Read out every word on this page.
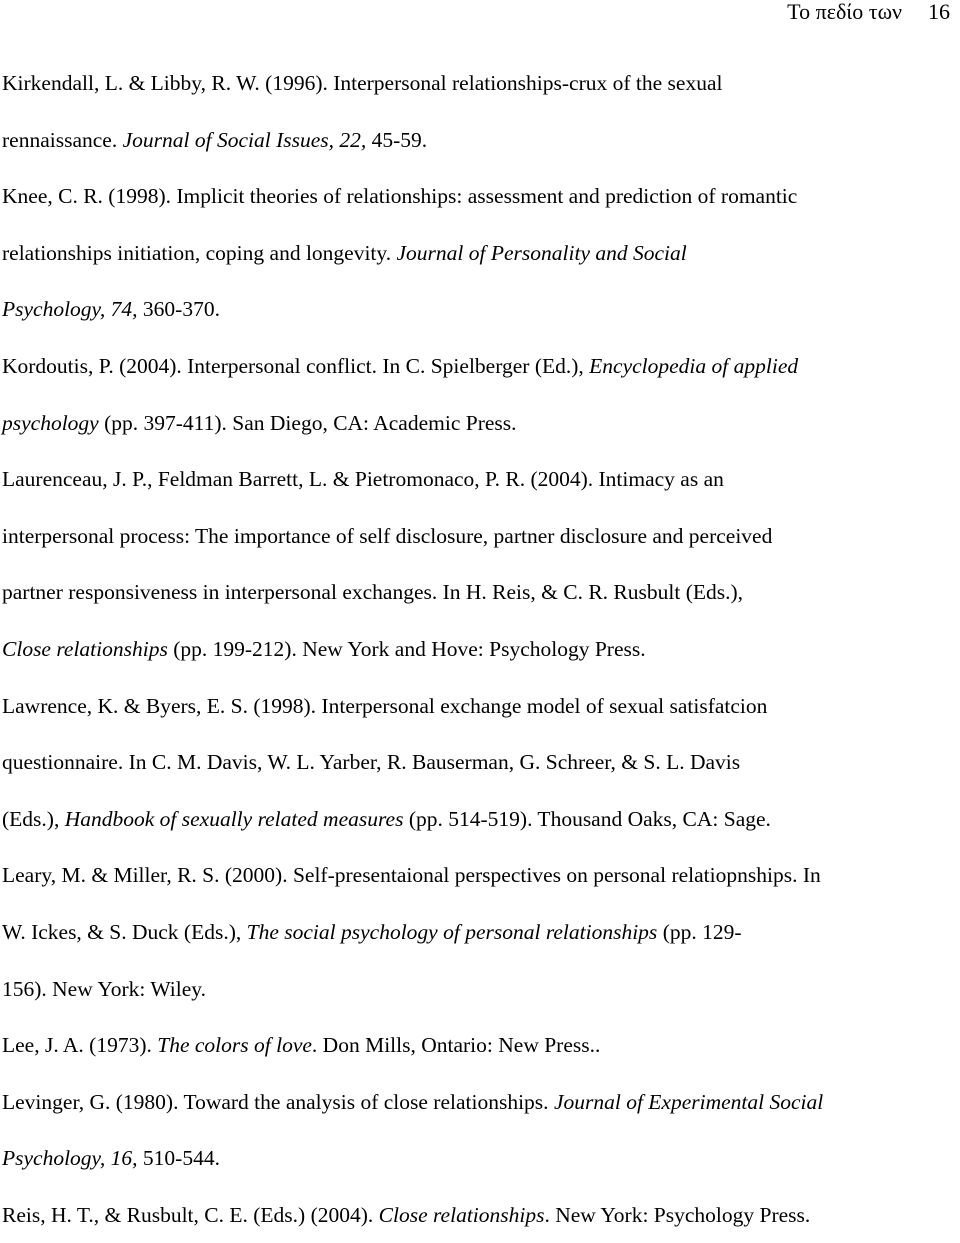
Το πεδίο των 16
Kirkendall, L. & Libby, R. W. (1996). Interpersonal relationships-crux of the sexual
rennaissance. Journal of Social Issues, 22, 45-59.
Knee, C. R. (1998). Implicit theories of relationships: assessment and prediction of romantic
relationships initiation, coping and longevity. Journal of Personality and Social
Psychology, 74, 360-370.
Kordoutis, P. (2004). Interpersonal conflict. In C. Spielberger (Ed.), Encyclopedia of applied
psychology (pp. 397-411). San Diego, CA: Academic Press.
Laurenceau, J. P., Feldman Barrett, L. & Pietromonaco, P. R. (2004). Intimacy as an
interpersonal process: The importance of self disclosure, partner disclosure and perceived
partner responsiveness in interpersonal exchanges. In H. Reis, & C. R. Rusbult (Eds.),
Close relationships (pp. 199-212). New York and Hove: Psychology Press.
Lawrence, K. & Byers, E. S. (1998). Interpersonal exchange model of sexual satisfatcion
questionnaire. In C. M. Davis, W. L. Yarber, R. Bauserman, G. Schreer, & S. L. Davis
(Eds.), Handbook of sexually related measures (pp. 514-519). Thousand Oaks, CA: Sage.
Leary, M. & Miller, R. S. (2000). Self-presentaional perspectives on personal relatiopnships. In
W. Ickes, & S. Duck (Eds.), The social psychology of personal relationships (pp. 129-
156). New York: Wiley.
Lee, J. A. (1973). The colors of love. Don Mills, Ontario: New Press..
Levinger, G. (1980). Toward the analysis of close relationships. Journal of Experimental Social
Psychology, 16, 510-544.
Reis, H. T., & Rusbult, C. E. (Eds.) (2004). Close relationships. New York: Psychology Press.
